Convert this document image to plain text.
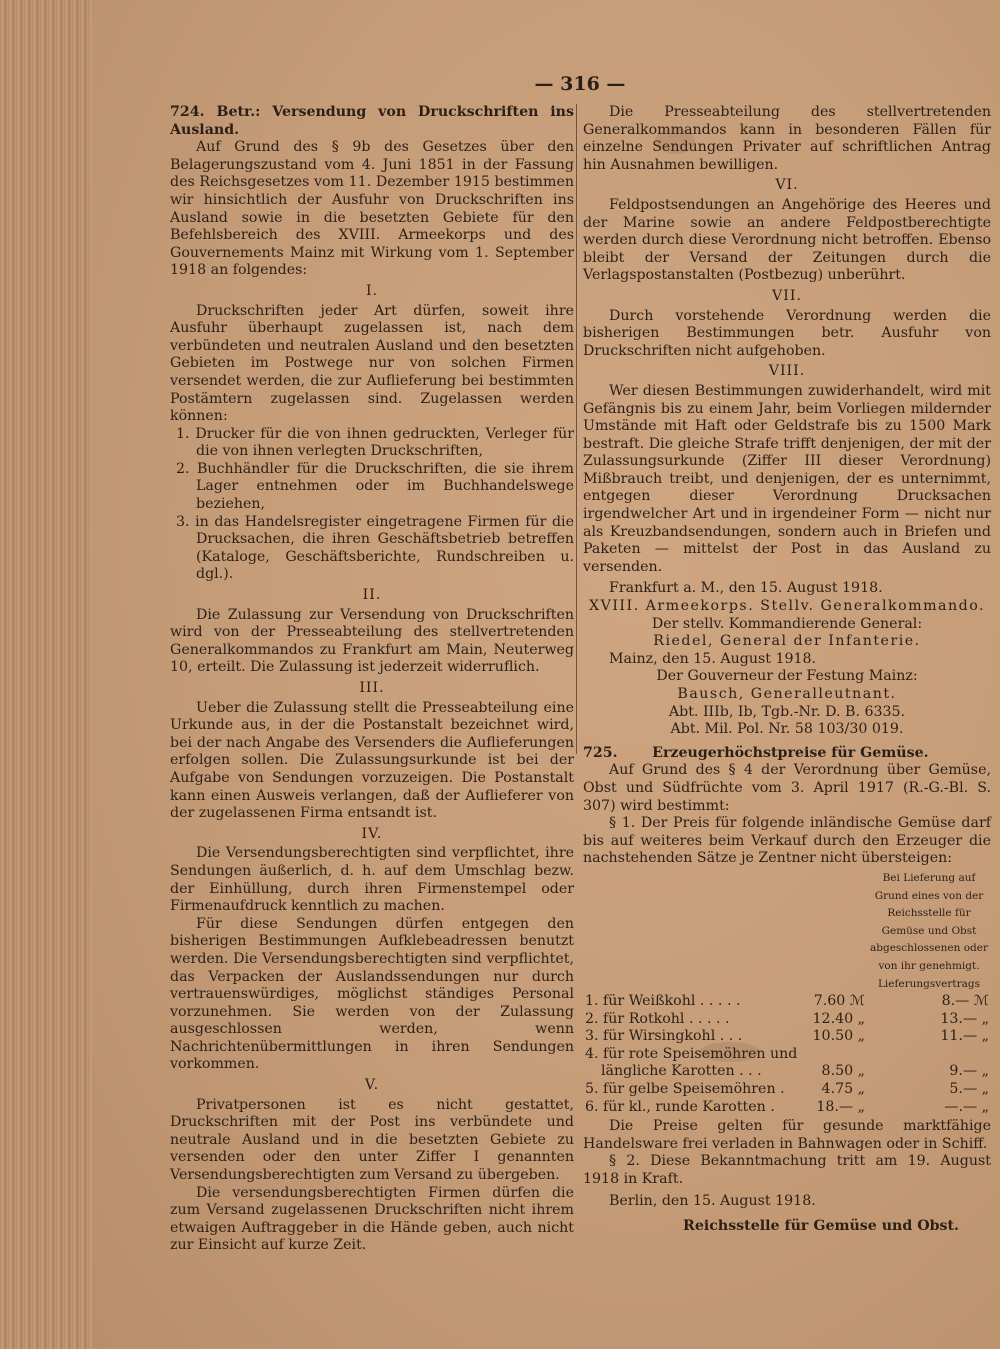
— 316 —

724. Betr.: Versendung von Druckschriften ins Ausland.

Auf Grund des § 9b des Gesetzes über den Belagerungszustand vom 4. Juni 1851 in der Fassung des Reichsgesetzes vom 11. Dezember 1915 bestimmen wir hinsichtlich der Ausfuhr von Druckschriften ins Ausland sowie in die besetzten Gebiete für den Befehlsbereich des XVIII. Armeekorps und des Gouvernements Mainz mit Wirkung vom 1. September 1918 an folgendes:

I.

Druckschriften jeder Art dürfen, soweit ihre Ausfuhr überhaupt zugelassen ist, nach dem verbündeten und neutralen Ausland und den besetzten Gebieten im Postwege nur von solchen Firmen versendet werden, die zur Auflieferung bei bestimmten Postämtern zugelassen sind. Zugelassen werden können:

1. Drucker für die von ihnen gedruckten, Verleger für die von ihnen verlegten Druckschriften,
2. Buchhändler für die Druckschriften, die sie ihrem Lager entnehmen oder im Buchhandelswege beziehen,
3. in das Handelsregister eingetragene Firmen für die Drucksachen, die ihren Geschäftsbetrieb betreffen (Kataloge, Geschäftsberichte, Rundschreiben u. dgl.).

II.

Die Zulassung zur Versendung von Druckschriften wird von der Presseabteilung des stellvertretenden Generalkommandos zu Frankfurt am Main, Neuterweg 10, erteilt. Die Zulassung ist jederzeit widerruflich.

III.

Ueber die Zulassung stellt die Presseabteilung eine Urkunde aus, in der die Postanstalt bezeichnet wird, bei der nach Angabe des Versenders die Auflieferungen erfolgen sollen. Die Zulassungsurkunde ist bei der Aufgabe von Sendungen vorzuzeigen. Die Postanstalt kann einen Ausweis verlangen, daß der Auflieferer von der zugelassenen Firma entsandt ist.

IV.

Die Versendungsberechtigten sind verpflichtet, ihre Sendungen äußerlich, d. h. auf dem Umschlag bezw. der Einhüllung, durch ihren Firmenstempel oder Firmenaufdruck kenntlich zu machen.

Für diese Sendungen dürfen entgegen den bisherigen Bestimmungen Aufklebeadressen benutzt werden. Die Versendungsberechtigten sind verpflichtet, das Verpacken der Auslandssendungen nur durch vertrauenswürdiges, möglichst ständiges Personal vorzunehmen. Sie werden von der Zulassung ausgeschlossen werden, wenn Nachrichtenübermittlungen in ihren Sendungen vorkommen.

V.

Privatpersonen ist es nicht gestattet, Druckschriften mit der Post ins verbündete und neutrale Ausland und in die besetzten Gebiete zu versenden oder den unter Ziffer I genannten Versendungsberechtigten zum Versand zu übergeben.

Die versendungsberechtigten Firmen dürfen die zum Versand zugelassenen Druckschriften nicht ihrem etwaigen Auftraggeber in die Hände geben, auch nicht zur Einsicht auf kurze Zeit.

Die Presseabteilung des stellvertretenden Generalkommandos kann in besonderen Fällen für einzelne Sendungen Privater auf schriftlichen Antrag hin Ausnahmen bewilligen.

VI.

Feldpostsendungen an Angehörige des Heeres und der Marine sowie an andere Feldpostberechtigte werden durch diese Verordnung nicht betroffen. Ebenso bleibt der Versand der Zeitungen durch die Verlagspostanstalten (Postbezug) unberührt.

VII.

Durch vorstehende Verordnung werden die bisherigen Bestimmungen betr. Ausfuhr von Druckschriften nicht aufgehoben.

VIII.

Wer diesen Bestimmungen zuwiderhandelt, wird mit Gefängnis bis zu einem Jahr, beim Vorliegen mildernder Umstände mit Haft oder Geldstrafe bis zu 1500 Mark bestraft. Die gleiche Strafe trifft denjenigen, der mit der Zulassungsurkunde (Ziffer III dieser Verordnung) Mißbrauch treibt, und denjenigen, der es unternimmt, entgegen dieser Verordnung Drucksachen irgendwelcher Art und in irgendeiner Form — nicht nur als Kreuzbandsendungen, sondern auch in Briefen und Paketen — mittelst der Post in das Ausland zu versenden.

Frankfurt a. M., den 15. August 1918.

XVIII. Armeekorps. Stellv. Generalkommando.

Der stellv. Kommandierende General:

Riedel, General der Infanterie.

Mainz, den 15. August 1918.

Der Gouverneur der Festung Mainz:

Bausch, Generalleutnant.

Abt. IIIb, Ib, Tgb.-Nr. D. B. 6335.

Abt. Mil. Pol. Nr. 58 103/30 019.

725. Erzeugerhöchstpreise für Gemüse.

Auf Grund des § 4 der Verordnung über Gemüse, Obst und Südfrüchte vom 3. April 1917 (R.-G.-Bl. S. 307) wird bestimmt:

§ 1. Der Preis für folgende inländische Gemüse darf bis auf weiteres beim Verkauf durch den Erzeuger die nachstehenden Sätze je Zentner nicht übersteigen:

		Bei Lieferung auf Grund eines von der Reichsstelle für Gemüse und Obst abgeschlossenen oder von ihr genehmigt. Lieferungsvertrags
1. für Weißkohl . . . . .	7.60 ℳ	8.— ℳ
2. für Rotkohl . . . . .	12.40 „	13.— „
3. für Wirsingkohl . . .	10.50 „	11.— „
4. für rote Speisemöhren und		
längliche Karotten . . .	8.50 „	9.— „
5. für gelbe Speisemöhren .	4.75 „	5.— „
6. für kl., runde Karotten .	18.— „	—.— „

Die Preise gelten für gesunde marktfähige Handelsware frei verladen in Bahnwagen oder in Schiff.

§ 2. Diese Bekanntmachung tritt am 19. August 1918 in Kraft.

Berlin, den 15. August 1918.

Reichsstelle für Gemüse und Obst.
